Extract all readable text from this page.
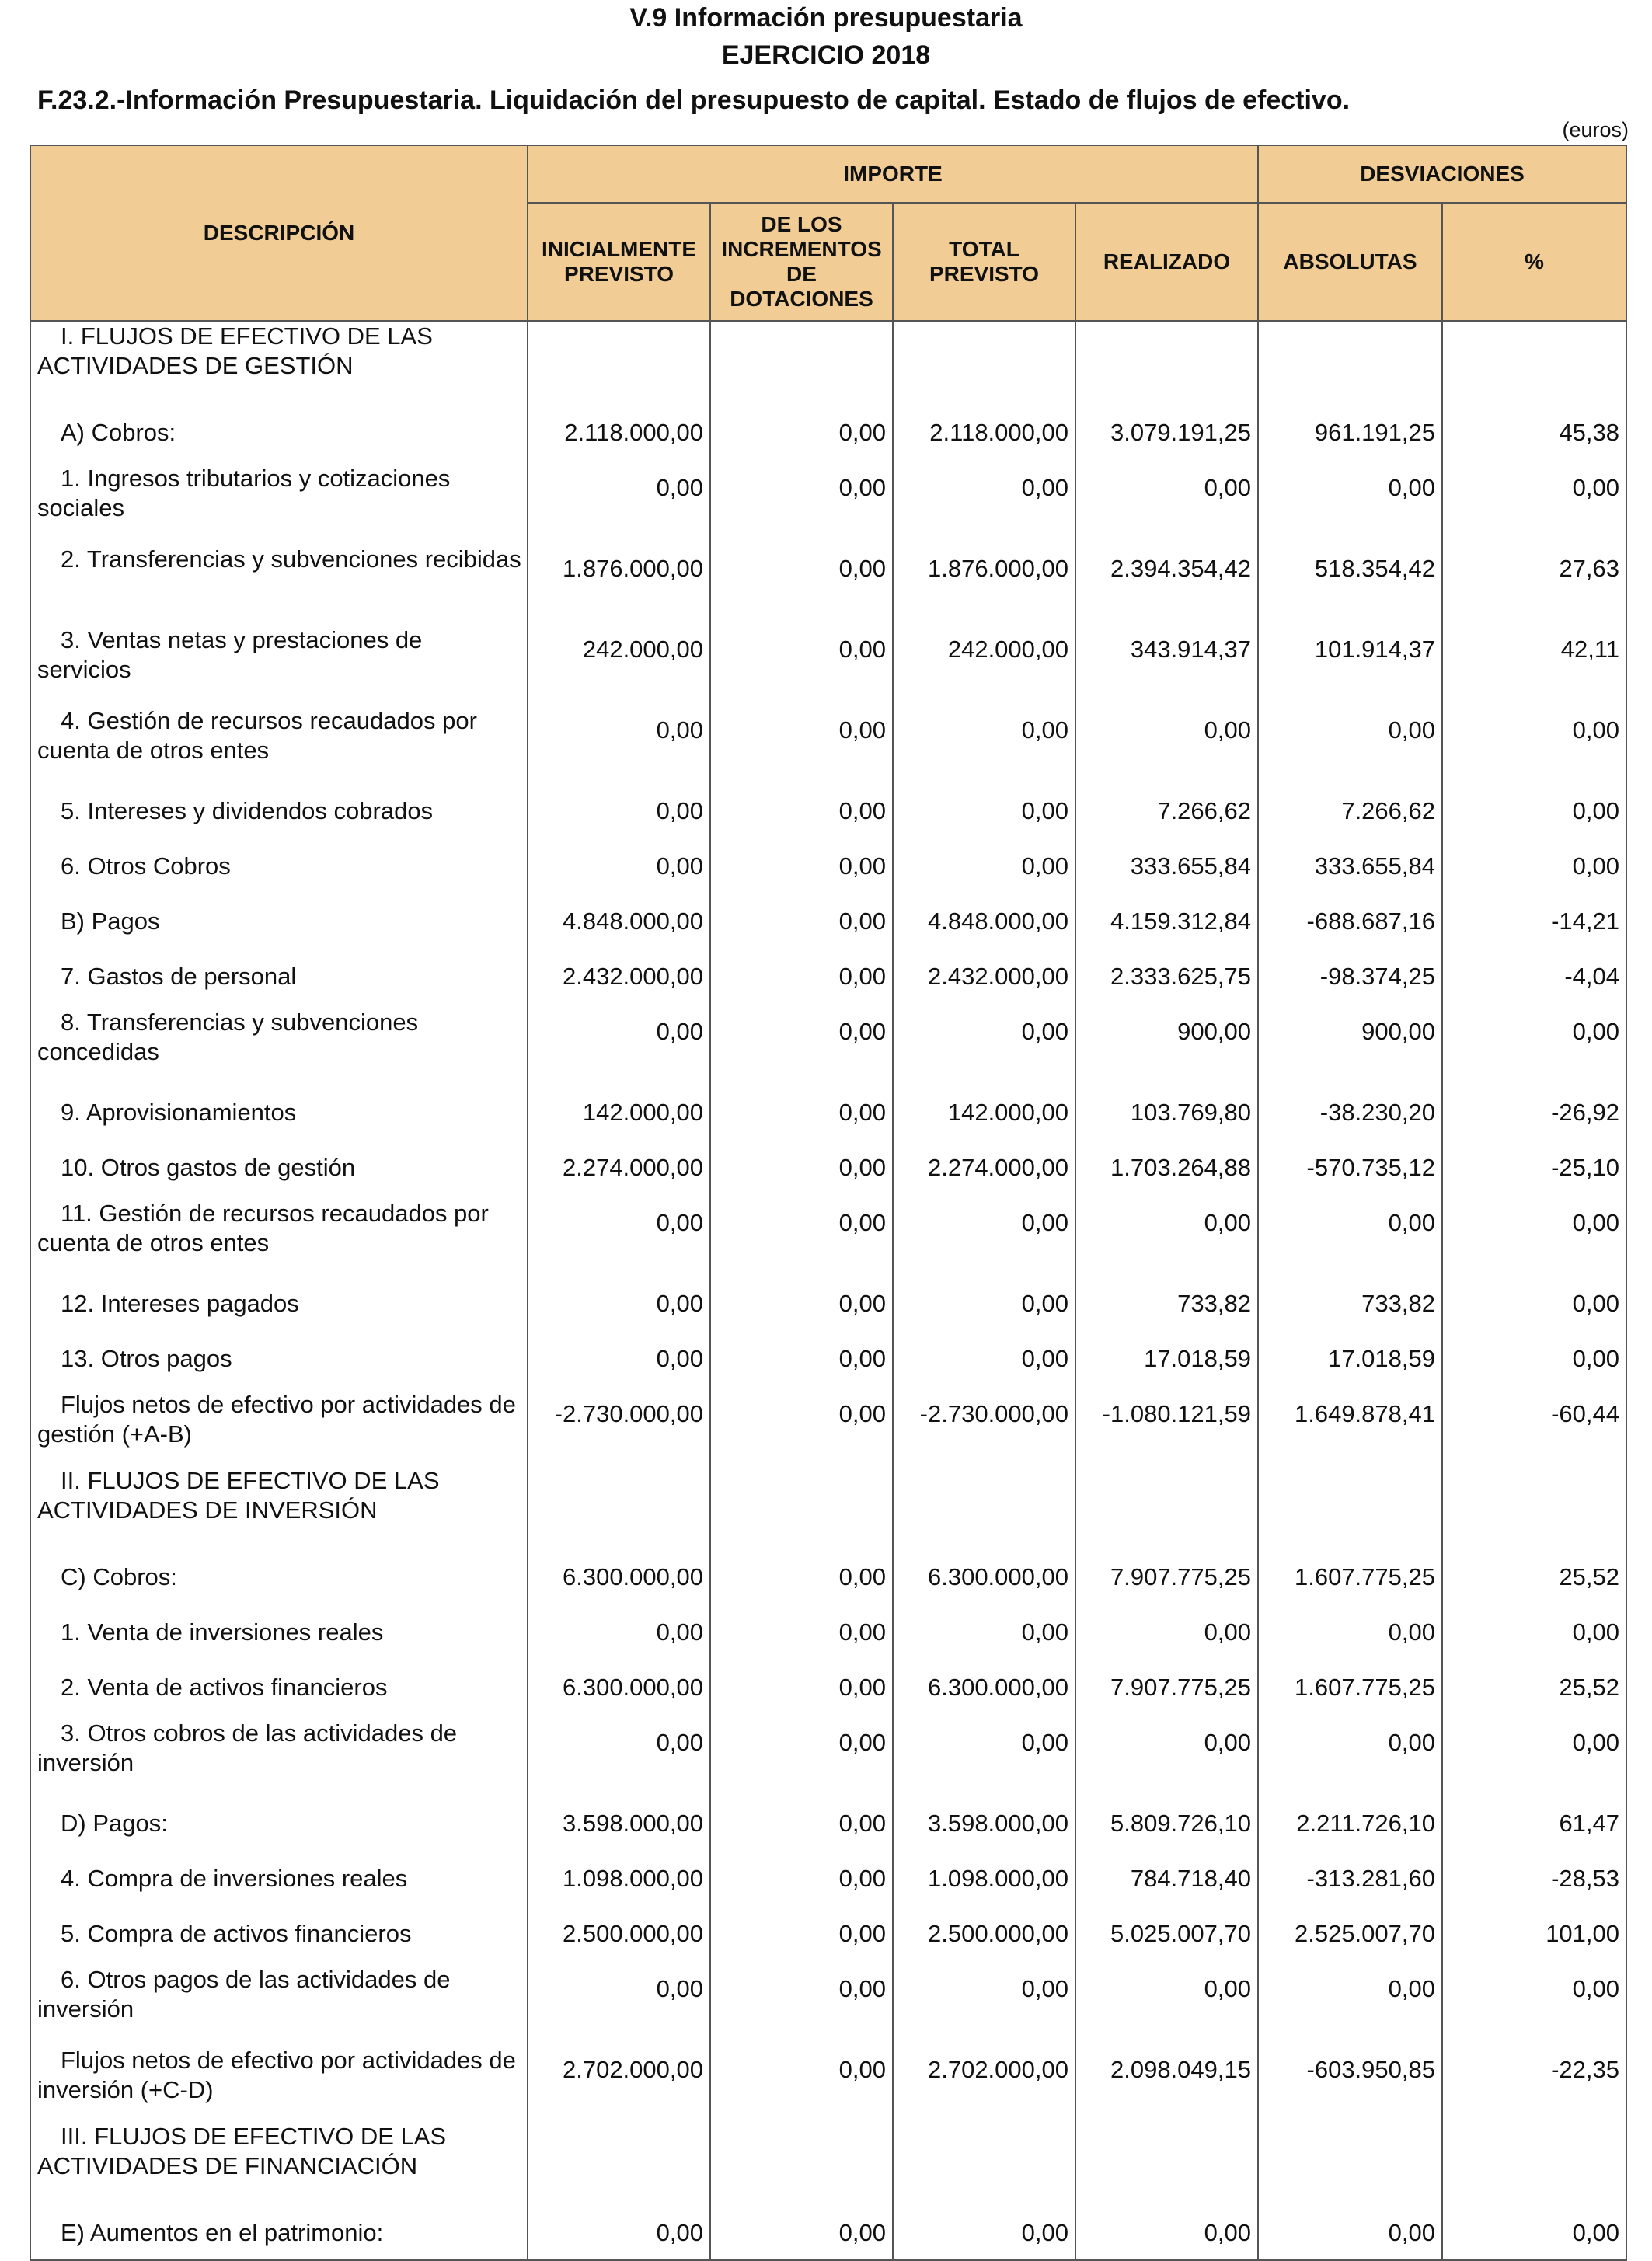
V.9 Información presupuestaria
EJERCICIO 2018
F.23.2.-Información Presupuestaria. Liquidación del presupuesto de capital. Estado de flujos de efectivo.
(euros)
DESCRIPCIÓN	IMPORTE				DESVIACIONES	
	INICIALMENTE PREVISTO	DE LOS INCREMENTOS DE DOTACIONES	TOTAL PREVISTO	REALIZADO	ABSOLUTAS	%
I. FLUJOS DE EFECTIVO DE LAS ACTIVIDADES DE GESTIÓN						
A) Cobros:	2.118.000,00	0,00	2.118.000,00	3.079.191,25	961.191,25	45,38
1. Ingresos tributarios y cotizaciones sociales	0,00	0,00	0,00	0,00	0,00	0,00
2. Transferencias y subvenciones recibidas	1.876.000,00	0,00	1.876.000,00	2.394.354,42	518.354,42	27,63
3. Ventas netas y prestaciones de servicios	242.000,00	0,00	242.000,00	343.914,37	101.914,37	42,11
4. Gestión de recursos recaudados por cuenta de otros entes	0,00	0,00	0,00	0,00	0,00	0,00
5. Intereses y dividendos cobrados	0,00	0,00	0,00	7.266,62	7.266,62	0,00
6. Otros Cobros	0,00	0,00	0,00	333.655,84	333.655,84	0,00
B) Pagos	4.848.000,00	0,00	4.848.000,00	4.159.312,84	-688.687,16	-14,21
7. Gastos de personal	2.432.000,00	0,00	2.432.000,00	2.333.625,75	-98.374,25	-4,04
8. Transferencias y subvenciones concedidas	0,00	0,00	0,00	900,00	900,00	0,00
9. Aprovisionamientos	142.000,00	0,00	142.000,00	103.769,80	-38.230,20	-26,92
10. Otros gastos de gestión	2.274.000,00	0,00	2.274.000,00	1.703.264,88	-570.735,12	-25,10
11. Gestión de recursos recaudados por cuenta de otros entes	0,00	0,00	0,00	0,00	0,00	0,00
12. Intereses pagados	0,00	0,00	0,00	733,82	733,82	0,00
13. Otros pagos	0,00	0,00	0,00	17.018,59	17.018,59	0,00
Flujos netos de efectivo por actividades de gestión (+A-B)	-2.730.000,00	0,00	-2.730.000,00	-1.080.121,59	1.649.878,41	-60,44
II. FLUJOS DE EFECTIVO DE LAS ACTIVIDADES DE INVERSIÓN						
C) Cobros:	6.300.000,00	0,00	6.300.000,00	7.907.775,25	1.607.775,25	25,52
1. Venta de inversiones reales	0,00	0,00	0,00	0,00	0,00	0,00
2. Venta de activos financieros	6.300.000,00	0,00	6.300.000,00	7.907.775,25	1.607.775,25	25,52
3. Otros cobros de las actividades de inversión	0,00	0,00	0,00	0,00	0,00	0,00
D) Pagos:	3.598.000,00	0,00	3.598.000,00	5.809.726,10	2.211.726,10	61,47
4. Compra de inversiones reales	1.098.000,00	0,00	1.098.000,00	784.718,40	-313.281,60	-28,53
5. Compra de activos financieros	2.500.000,00	0,00	2.500.000,00	5.025.007,70	2.525.007,70	101,00
6. Otros pagos de las actividades de inversión	0,00	0,00	0,00	0,00	0,00	0,00
Flujos netos de efectivo por actividades de inversión (+C-D)	2.702.000,00	0,00	2.702.000,00	2.098.049,15	-603.950,85	-22,35
III. FLUJOS DE EFECTIVO DE LAS ACTIVIDADES DE FINANCIACIÓN						
E) Aumentos en el patrimonio:	0,00	0,00	0,00	0,00	0,00	0,00
